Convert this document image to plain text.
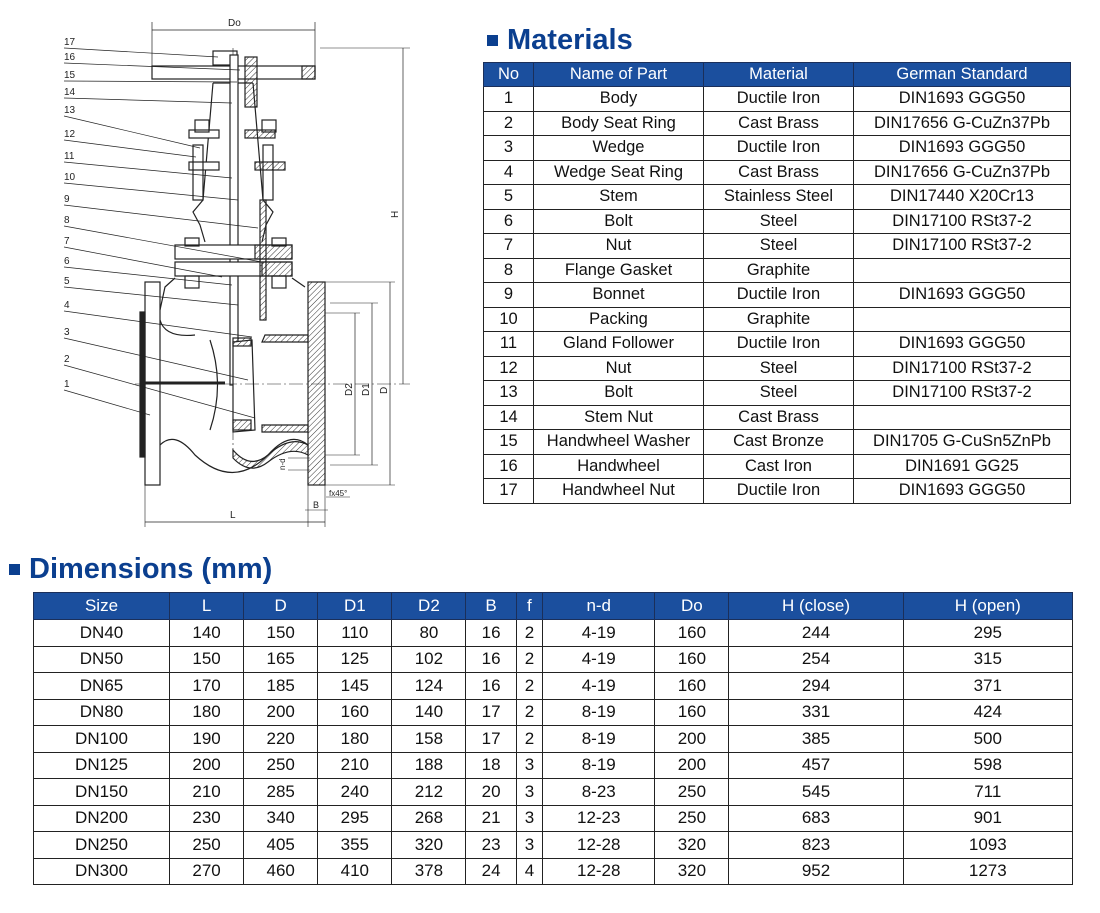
17
16
15
14
13
12
11
10
9
8
7
6
5
4
3
2
1
Do
H
D2 D1 D
n-d
fx45°
B
L
Materials
No	Name of Part	Material	German Standard
1	Body	Ductile Iron	DIN1693 GGG50
2	Body Seat Ring	Cast Brass	DIN17656 G-CuZn37Pb
3	Wedge	Ductile Iron	DIN1693 GGG50
4	Wedge Seat Ring	Cast Brass	DIN17656 G-CuZn37Pb
5	Stem	Stainless Steel	DIN17440 X20Cr13
6	Bolt	Steel	DIN17100 RSt37-2
7	Nut	Steel	DIN17100 RSt37-2
8	Flange Gasket	Graphite	
9	Bonnet	Ductile Iron	DIN1693 GGG50
10	Packing	Graphite	
11	Gland Follower	Ductile Iron	DIN1693 GGG50
12	Nut	Steel	DIN17100 RSt37-2
13	Bolt	Steel	DIN17100 RSt37-2
14	Stem Nut	Cast Brass	
15	Handwheel Washer	Cast Bronze	DIN1705 G-CuSn5ZnPb
16	Handwheel	Cast Iron	DIN1691 GG25
17	Handwheel Nut	Ductile Iron	DIN1693 GGG50
Dimensions (mm)
Size	L	D	D1	D2	B	f	n-d	Do	H (close)	H (open)
DN40	140	150	110	80	16	2	4-19	160	244	295
DN50	150	165	125	102	16	2	4-19	160	254	315
DN65	170	185	145	124	16	2	4-19	160	294	371
DN80	180	200	160	140	17	2	8-19	160	331	424
DN100	190	220	180	158	17	2	8-19	200	385	500
DN125	200	250	210	188	18	3	8-19	200	457	598
DN150	210	285	240	212	20	3	8-23	250	545	711
DN200	230	340	295	268	21	3	12-23	250	683	901
DN250	250	405	355	320	23	3	12-28	320	823	1093
DN300	270	460	410	378	24	4	12-28	320	952	1273
